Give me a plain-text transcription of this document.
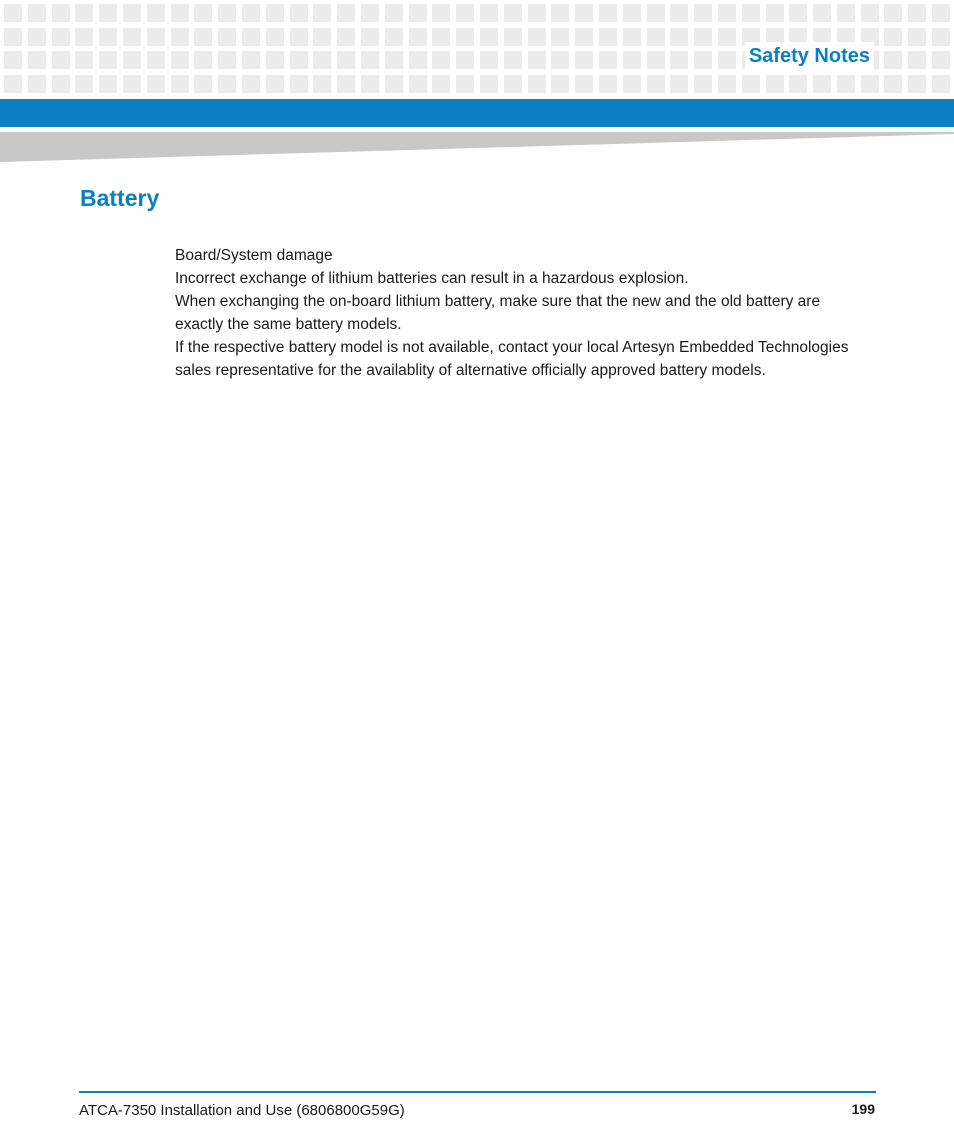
Safety Notes
Battery

Board/System damage

Incorrect exchange of lithium batteries can result in a hazardous explosion.

When exchanging the on-board lithium battery, make sure that the new and the old battery are  exactly the same battery models.

If the respective battery model is not available, contact your local Artesyn Embedded Technologies sales representative for the availablity of alternative officially approved battery models.

ATCA-7350 Installation and Use (6806800G59G)	199
